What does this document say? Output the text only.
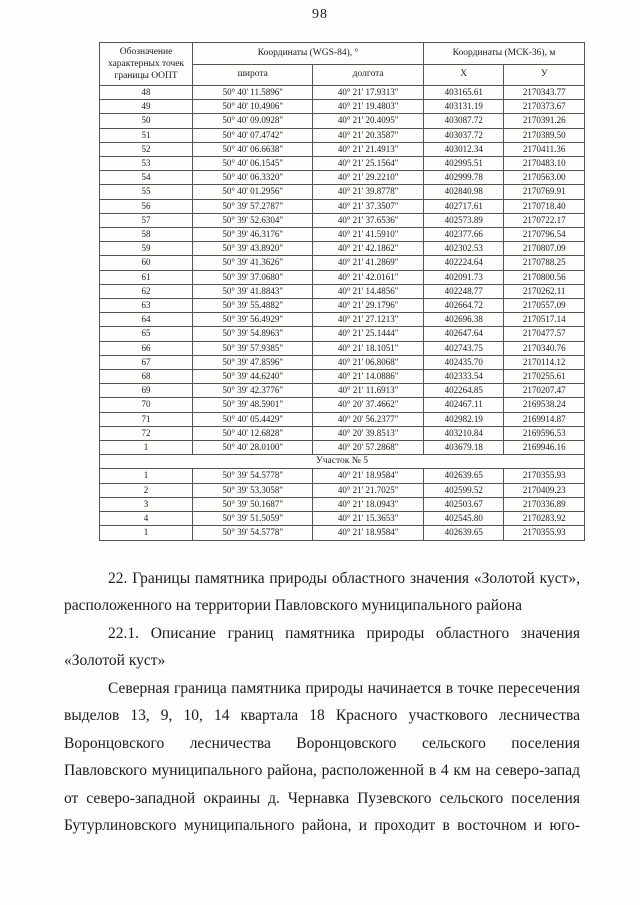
98
Обозначение характерных точек границы ООПТ	Координаты (WGS-84), °		Координаты (МСК-36), м	
	широта	долгота	X	У
48	50° 40' 11.5896"	40° 21' 17.9313"	403165.61	2170343.77
49	50° 40' 10.4906"	40° 21' 19.4803"	403131.19	2170373.67
50	50° 40' 09.0928"	40° 21' 20.4095"	403087.72	2170391.26
51	50° 40' 07.4742"	40° 21' 20.3587"	403037.72	2170389.50
52	50° 40' 06.6638"	40° 21' 21.4913"	403012.34	2170411.36
53	50° 40' 06.1545"	40° 21' 25.1564"	402995.51	2170483.10
54	50° 40' 06.3320"	40° 21' 29.2210"	402999.78	2170563.00
55	50° 40' 01.2956"	40° 21' 39.8778"	402840.98	2170769.91
56	50° 39' 57.2787"	40° 21' 37.3507"	402717.61	2170718.40
57	50° 39' 52.6304"	40° 21' 37.6536"	402573.89	2170722.17
58	50° 39' 46.3176"	40° 21' 41.5910"	402377.66	2170796.54
59	50° 39' 43.8920"	40° 21' 42.1862"	402302.53	2170807.09
60	50° 39' 41.3626"	40° 21' 41.2869"	402224.64	2170788.25
61	50° 39' 37.0680"	40° 21' 42.0161"	402091.73	2170800.56
62	50° 39' 41.8843"	40° 21' 14.4856"	402248.77	2170262.11
63	50° 39' 55.4882"	40° 21' 29.1796"	402664.72	2170557.09
64	50° 39' 56.4929"	40° 21' 27.1213"	402696.38	2170517.14
65	50° 39' 54.8963"	40° 21' 25.1444"	402647.64	2170477.57
66	50° 39' 57.9385"	40° 21' 18.1051"	402743.75	2170340.76
67	50° 39' 47.8596"	40° 21' 06.8068"	402435.70	2170114.12
68	50° 39' 44.6240"	40° 21' 14.0886"	402333.54	2170255.61
69	50° 39' 42.3776"	40° 21' 11.6913"	402264.85	2170207.47
70	50° 39' 48.5901"	40° 20' 37.4662"	402467.11	2169538.24
71	50° 40' 05.4429"	40° 20' 56.2377"	402982.19	2169914.87
72	50° 40' 12.6828"	40° 20' 39.8513"	403210.84	2169596.53
1	50° 40' 28.0100"	40° 20' 57.2868"	403679.18	2169946.16
Участок № 5				
1	50° 39' 54.5778"	40° 21' 18.9584"	402639.65	2170355.93
2	50° 39' 53.3058"	40° 21' 21.7025"	402599.52	2170409.23
3	50° 39' 50.1687"	40° 21' 18.0943"	402503.67	2170336.89
4	50° 39' 51.5059"	40° 21' 15.3653"	402545.80	2170283.92
1	50° 39' 54.5778"	40° 21' 18.9584"	402639.65	2170355.93

22. Границы памятника природы областного значения «Золотой куст», расположенного на территории Павловского муниципального района

22.1. Описание границ памятника природы областного значения «Золотой куст»

Северная граница памятника природы начинается в точке пересечения выделов 13, 9, 10, 14 квартала 18 Красного участкового лесничества Воронцовского лесничества Воронцовского сельского поселения Павловского муниципального района, расположенной в 4 км на северо-запад от северо-западной окраины д. Чернавка Пузевского сельского поселения Бутурлиновского муниципального района, и проходит в восточном и юго-
